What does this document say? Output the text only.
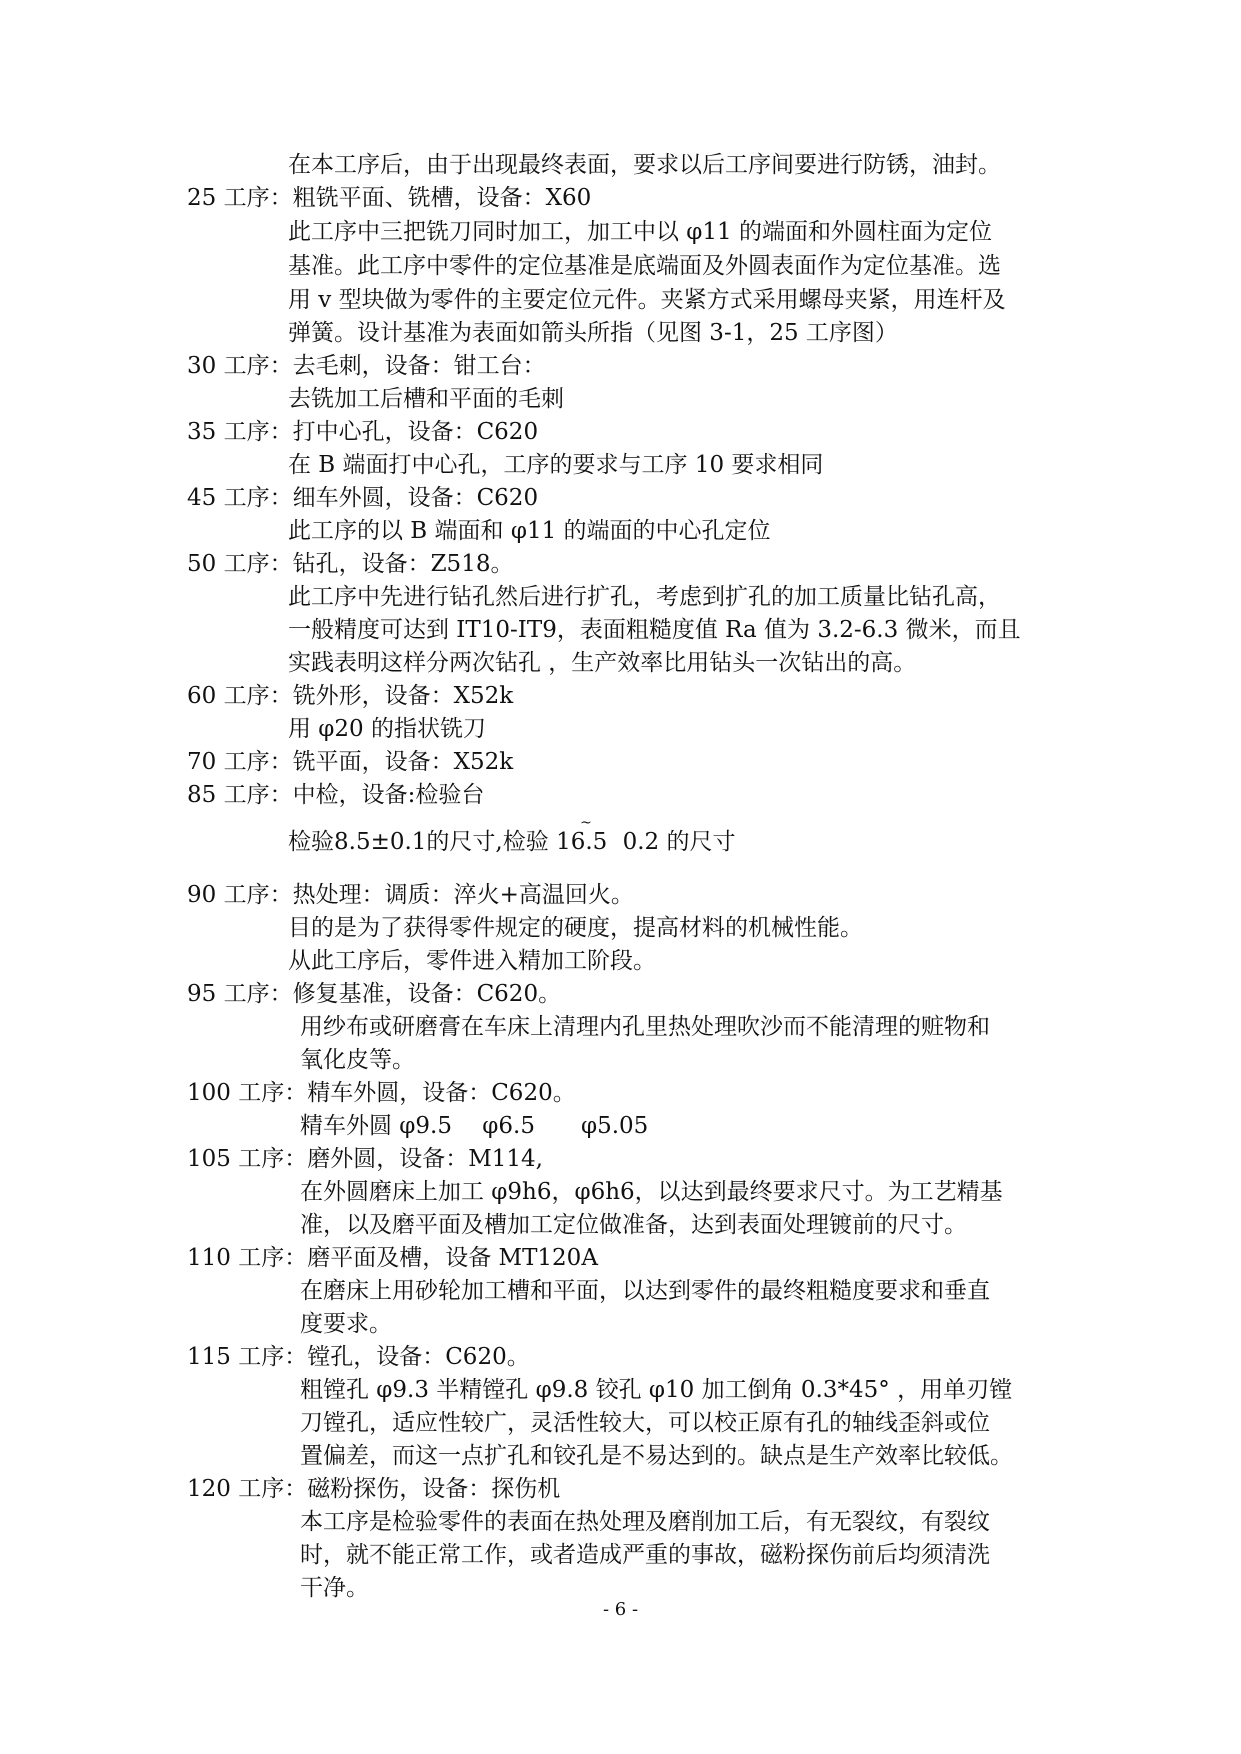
在本工序后，由于出现最终表面，要求以后工序间要进行防锈，油封。
25 工序：粗铣平面、铣槽，设备：X60
此工序中三把铣刀同时加工，加工中以 φ11 的端面和外圆柱面为定位
基准。此工序中零件的定位基准是底端面及外圆表面作为定位基准。选
用 v 型块做为零件的主要定位元件。夹紧方式采用螺母夹紧，用连杆及
弹簧。设计基准为表面如箭头所指（见图 3-1，25 工序图）
30 工序：去毛刺，设备：钳工台：
去铣加工后槽和平面的毛刺
35 工序：打中心孔，设备：C620
在 B 端面打中心孔，工序的要求与工序 10 要求相同
45 工序：细车外圆，设备：C620
此工序的以 B 端面和 φ11 的端面的中心孔定位
50 工序：钻孔，设备：Z518。
此工序中先进行钻孔然后进行扩孔，考虑到扩孔的加工质量比钻孔高，
一般精度可达到 IT10-IT9，表面粗糙度值 Ra 值为 3.2-6.3 微米，而且
实践表明这样分两次钻孔 ，生产效率比用钻头一次钻出的高。
60 工序：铣外形，设备：X52k
用 φ20 的指状铣刀
70 工序：铣平面，设备：X52k
85 工序：中检，设备:检验台
检验8.5±0.1的尺寸,检验 16.5
~
0.2 的尺寸
90 工序：热处理：调质：淬火+高温回火。
目的是为了获得零件规定的硬度，提高材料的机械性能。
从此工序后，零件进入精加工阶段。
95 工序：修复基准，设备：C620。
用纱布或研磨膏在车床上清理内孔里热处理吹沙而不能清理的赃物和
氧化皮等。
100 工序：精车外圆，设备：C620。
精车外圆 φ9.5　 φ6.5　　φ5.05
105 工序：磨外圆，设备：M114,
在外圆磨床上加工 φ9h6，φ6h6，以达到最终要求尺寸。为工艺精基
准，以及磨平面及槽加工定位做准备，达到表面处理镀前的尺寸。
110 工序：磨平面及槽，设备 MT120A
在磨床上用砂轮加工槽和平面，以达到零件的最终粗糙度要求和垂直
度要求。
115 工序：镗孔，设备：C620。
粗镗孔 φ9.3 半精镗孔 φ9.8 铰孔 φ10 加工倒角 0.3*45° ，用单刃镗
刀镗孔，适应性较广，灵活性较大，可以校正原有孔的轴线歪斜或位
置偏差，而这一点扩孔和铰孔是不易达到的。缺点是生产效率比较低。
120 工序：磁粉探伤，设备：探伤机
本工序是检验零件的表面在热处理及磨削加工后，有无裂纹，有裂纹
时，就不能正常工作，或者造成严重的事故，磁粉探伤前后均须清洗
干净。
- 6 -
